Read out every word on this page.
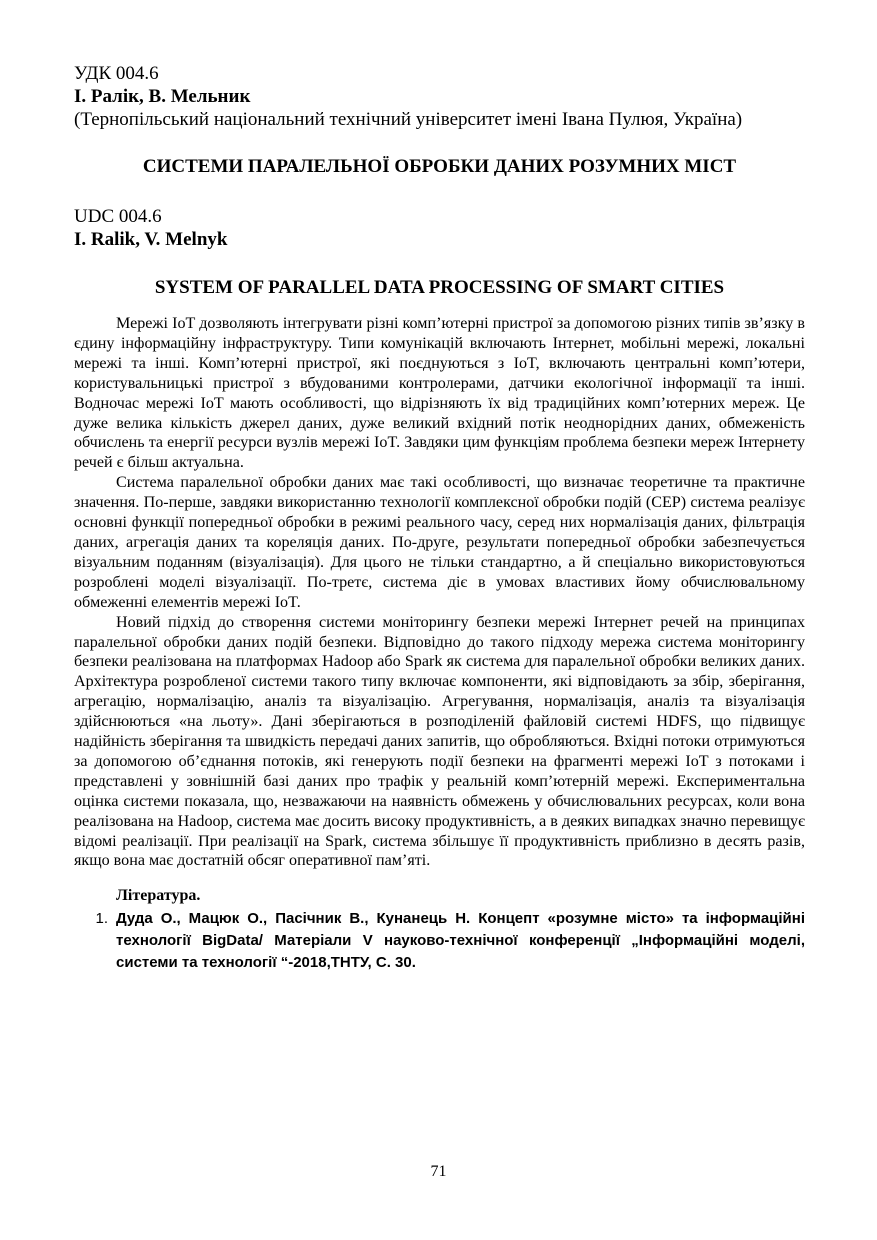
УДК 004.6

І. Ралік, В. Мельник

(Тернопільський національний технічний університет імені Івана Пулюя, Україна)

СИСТЕМИ ПАРАЛЕЛЬНОЇ ОБРОБКИ ДАНИХ РОЗУМНИХ МІСТ

UDC 004.6

I. Ralik, V. Melnyk

SYSTEM OF PARALLEL DATA PROCESSING OF SMART CITIES

Мережі IoT дозволяють інтегрувати різні комп’ютерні пристрої за допомогою різних типів зв’язку в єдину інформаційну інфраструктуру. Типи комунікацій включають Інтернет, мобільні мережі, локальні мережі та інші. Комп’ютерні пристрої, які поєднуються з IoT, включають центральні комп’ютери, користувальницькі пристрої з вбудованими контролерами, датчики екологічної інформації та інші. Водночас мережі IoT мають особливості, що відрізняють їх від традиційних комп’ютерних мереж. Це дуже велика кількість джерел даних, дуже великий вхідний потік неоднорідних даних, обмеженість обчислень та енергії ресурси вузлів мережі IoT. Завдяки цим функціям проблема безпеки мереж Інтернету речей є більш актуальна.

Система паралельної обробки даних має такі особливості, що визначає теоретичне та практичне значення. По-перше, завдяки використанню технології комплексної обробки подій (CEP) система реалізує основні функції попередньої обробки в режимі реального часу, серед них нормалізація даних, фільтрація даних, агрегація даних та кореляція даних. По-друге, результати попередньої обробки забезпечується візуальним поданням (візуалізація). Для цього не тільки стандартно, а й спеціально використовуються розроблені моделі візуалізації. По-третє, система діє в умовах властивих йому обчислювальному обмеженні елементів мережі IoT.

Новий підхід до створення системи моніторингу безпеки мережі Інтернет речей на принципах паралельної обробки даних подій безпеки. Відповідно до такого підходу мережа система моніторингу безпеки реалізована на платформах Hadoop або Spark як система для паралельної обробки великих даних. Архітектура розробленої системи такого типу включає компоненти, які відповідають за збір, зберігання, агрегацію, нормалізацію, аналіз та візуалізацію. Агрегування, нормалізація, аналіз та візуалізація здійснюються «на льоту». Дані зберігаються в розподіленій файловій системі HDFS, що підвищує надійність зберігання та швидкість передачі даних запитів, що обробляються. Вхідні потоки отримуються за допомогою об’єднання потоків, які генерують події безпеки на фрагменті мережі IoT з потоками і представлені у зовнішній базі даних про трафік у реальній комп’ютерній мережі. Експериментальна оцінка системи показала, що, незважаючи на наявність обмежень у обчислювальних ресурсах, коли вона реалізована на Hadoop, система має досить високу продуктивність, а в деяких випадках значно перевищує відомі реалізації. При реалізації на Spark, система збільшує її продуктивність приблизно в десять разів, якщо вона має достатній обсяг оперативної пам’яті.

Література.

1. Дуда О., Мацюк О., Пасічник В., Кунанець Н. Концепт «розумне місто» та інформаційні технології BigData/ Матеріали V науково-технічної конференції „Інформаційні моделі, системи та технології “-2018,ТНТУ, С. 30.
71
